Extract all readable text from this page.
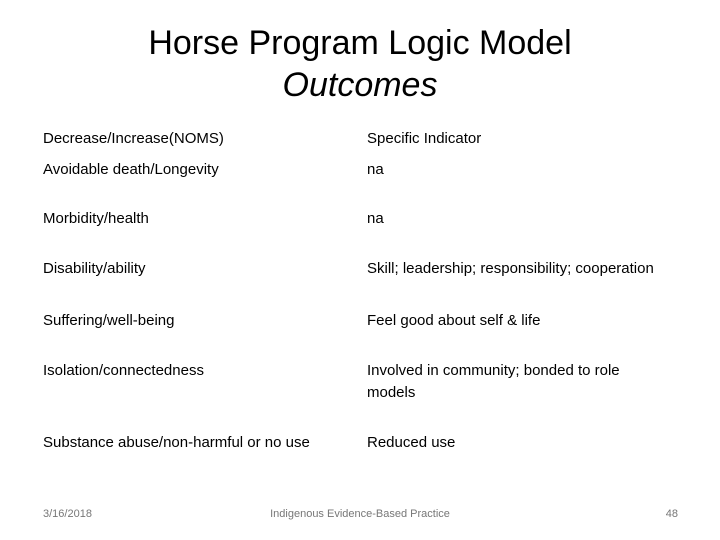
Horse Program Logic Model
Outcomes
Decrease/Increase(NOMS)	Specific Indicator
Avoidable death/Longevity	na
Morbidity/health	na
Disability/ability	Skill; leadership; responsibility; cooperation
Suffering/well-being	Feel good about self & life
Isolation/connectedness	Involved in community; bonded to role models
Substance abuse/non-harmful or no use	Reduced use
3/16/2018	Indigenous Evidence-Based Practice	48
